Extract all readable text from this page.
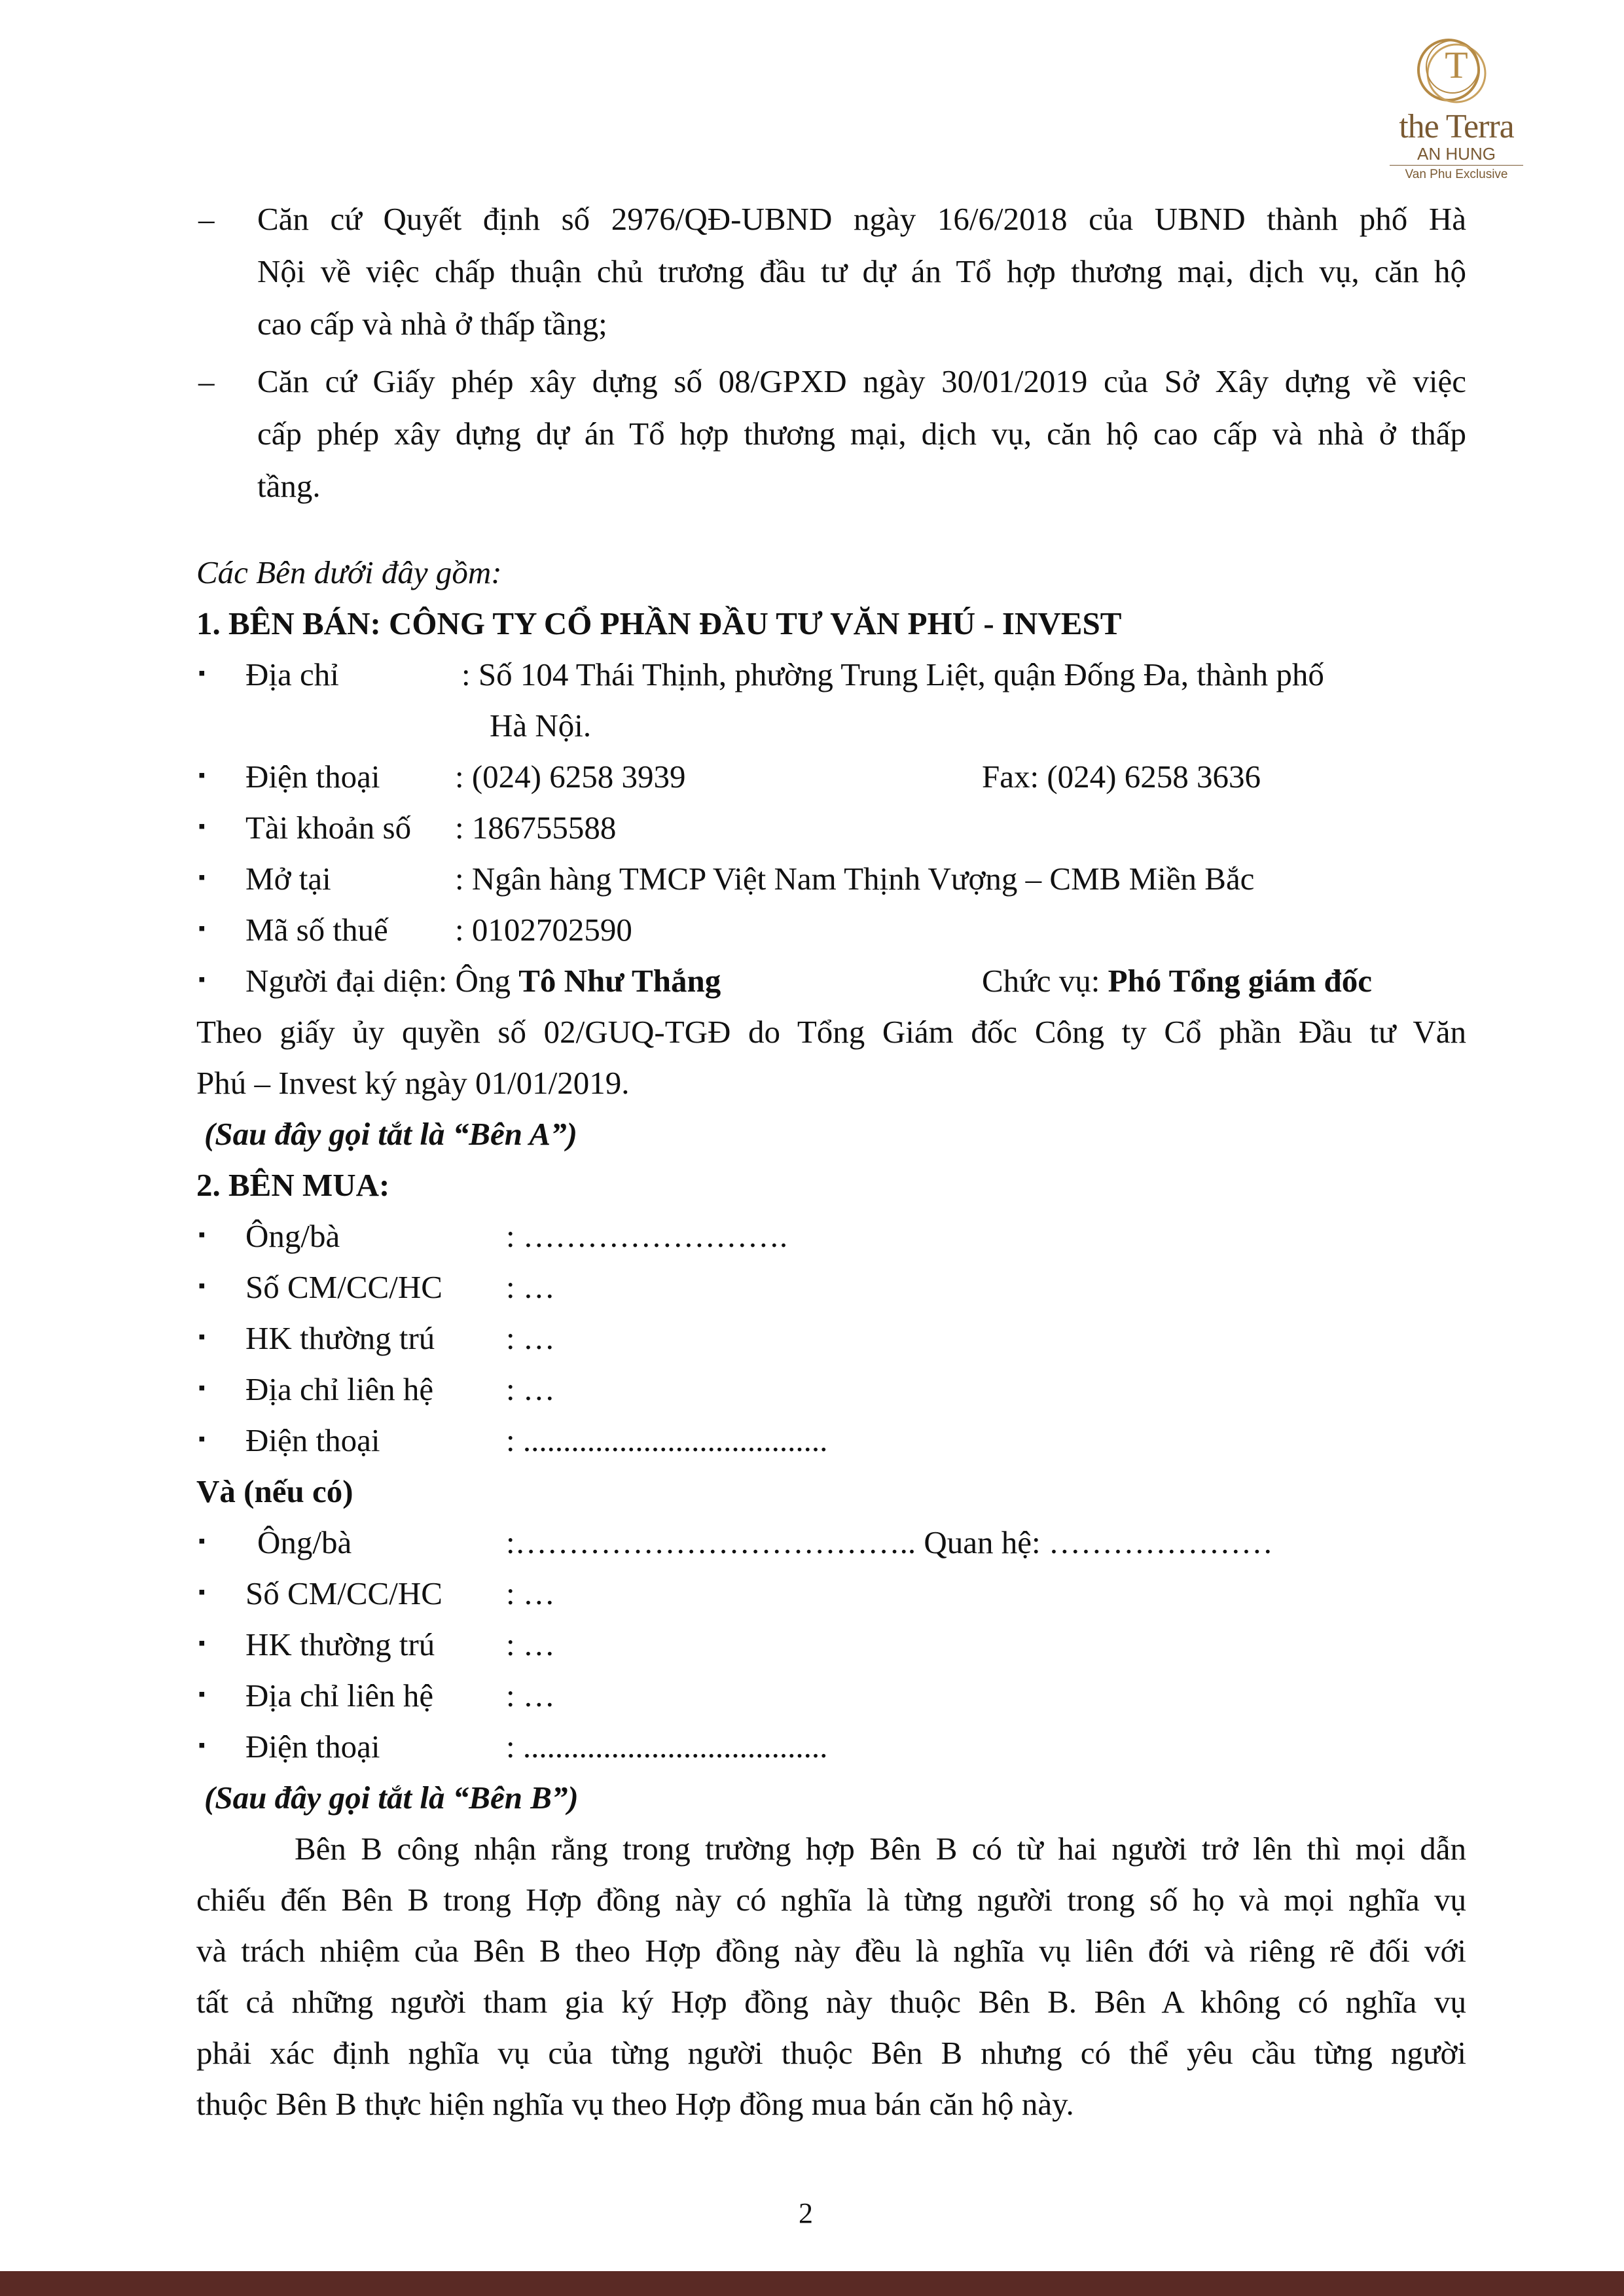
T
the Terra
AN HUNG
Van Phu Exclusive
– Căn cứ Quyết định số 2976/QĐ-UBND ngày 16/6/2018 của UBND thành phố Hà
Nội về việc chấp thuận chủ trương đầu tư dự án Tổ hợp thương mại, dịch vụ, căn hộ
cao cấp và nhà ở thấp tầng;
– Căn cứ Giấy phép xây dựng số 08/GPXD ngày 30/01/2019 của Sở Xây dựng về việc
cấp phép xây dựng dự án Tổ hợp thương mại, dịch vụ, căn hộ cao cấp và nhà ở thấp
tầng.
Các Bên dưới đây gồm:
1. BÊN BÁN: CÔNG TY CỔ PHẦN ĐẦU TƯ VĂN PHÚ - INVEST
▪ Địa chỉ	: Số 104 Thái Thịnh, phường Trung Liệt, quận Đống Đa, thành phố
Hà Nội.
▪ Điện thoại : (024) 6258 3939	Fax: (024) 6258 3636
▪ Tài khoản số : 186755588
▪ Mở tại	: Ngân hàng TMCP Việt Nam Thịnh Vượng – CMB Miền Bắc
▪ Mã số thuế : 0102702590
▪ Người đại diện: Ông Tô Như Thắng	Chức vụ: Phó Tổng giám đốc
Theo giấy ủy quyền số 02/GUQ-TGĐ do Tổng Giám đốc Công ty Cổ phần Đầu tư Văn
Phú – Invest ký ngày 01/01/2019.
(Sau đây gọi tắt là “Bên A”)
2. BÊN MUA:
▪ Ông/bà	: …………………….
▪ Số CM/CC/HC : …
▪ HK thường trú : …
▪ Địa chỉ liên hệ : …
▪ Điện thoại	: ......................................
Và (nếu có)
▪ Ông/bà	:……………………………….. Quan hệ: …………………
▪ Số CM/CC/HC : …
▪ HK thường trú : …
▪ Địa chỉ liên hệ : …
▪ Điện thoại	: ......................................
(Sau đây gọi tắt là “Bên B”)
Bên B công nhận rằng trong trường hợp Bên B có từ hai người trở lên thì mọi dẫn
chiếu đến Bên B trong Hợp đồng này có nghĩa là từng người trong số họ và mọi nghĩa vụ
và trách nhiệm của Bên B theo Hợp đồng này đều là nghĩa vụ liên đới và riêng rẽ đối với
tất cả những người tham gia ký Hợp đồng này thuộc Bên B. Bên A không có nghĩa vụ
phải xác định nghĩa vụ của từng người thuộc Bên B nhưng có thể yêu cầu từng người
thuộc Bên B thực hiện nghĩa vụ theo Hợp đồng mua bán căn hộ này.
2
